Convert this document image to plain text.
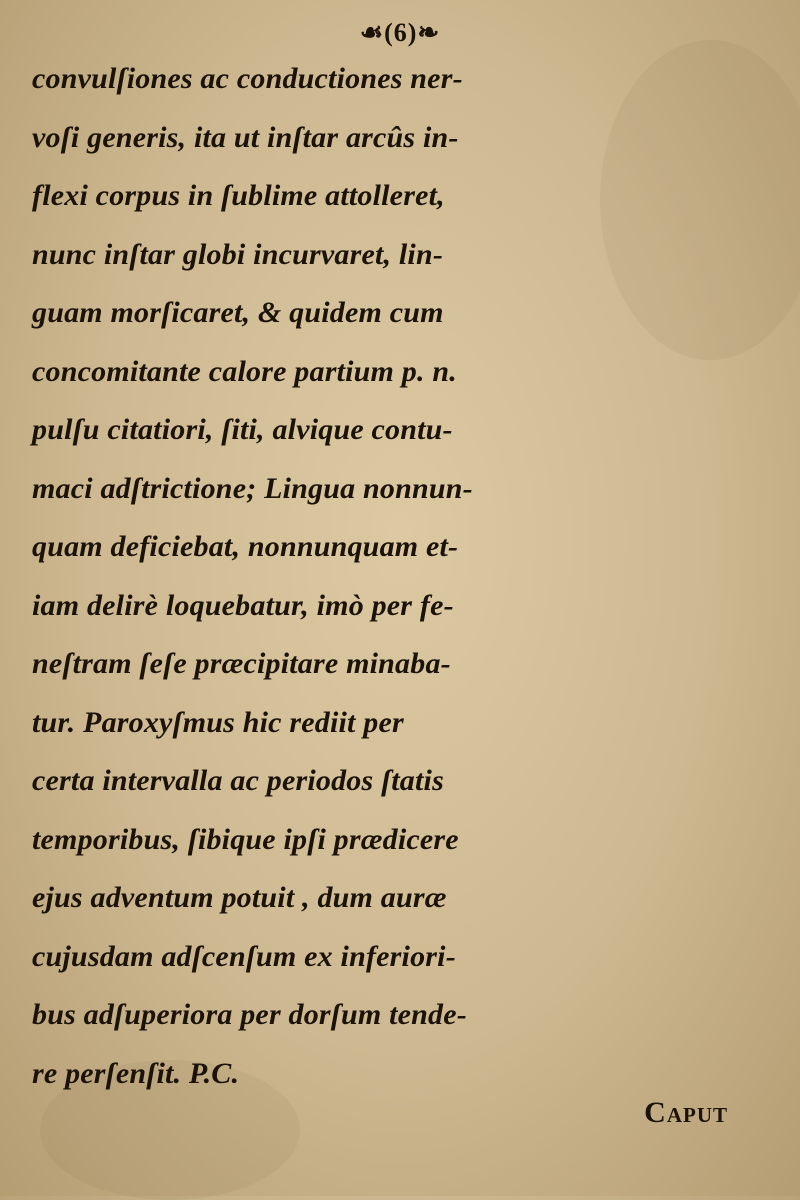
☙(6)❧
convulſiones ac conductiones ner-
voſi generis, ita ut inſtar arcûs in-
flexi corpus in ſublime attolleret,
nunc inſtar globi incurvaret, lin-
guam morſicaret, & quidem cum
concomitante calore partium p. n.
pulſu citatiori, ſiti, alvique contu-
maci adſtrictione; Lingua nonnun-
quam deficiebat, nonnunquam et-
iam delirè loquebatur, imò per fe-
neſtram ſeſe præcipitare minaba-
tur. Paroxyſmus hic rediit per
certa intervalla ac periodos ſtatis
temporibus, ſibique ipſi prædicere
ejus adventum potuit , dum auræ
cujusdam adſcenſum ex inferiori-
bus adſuperiora per dorſum tende-
re perſenſit. P.C.
Caput
